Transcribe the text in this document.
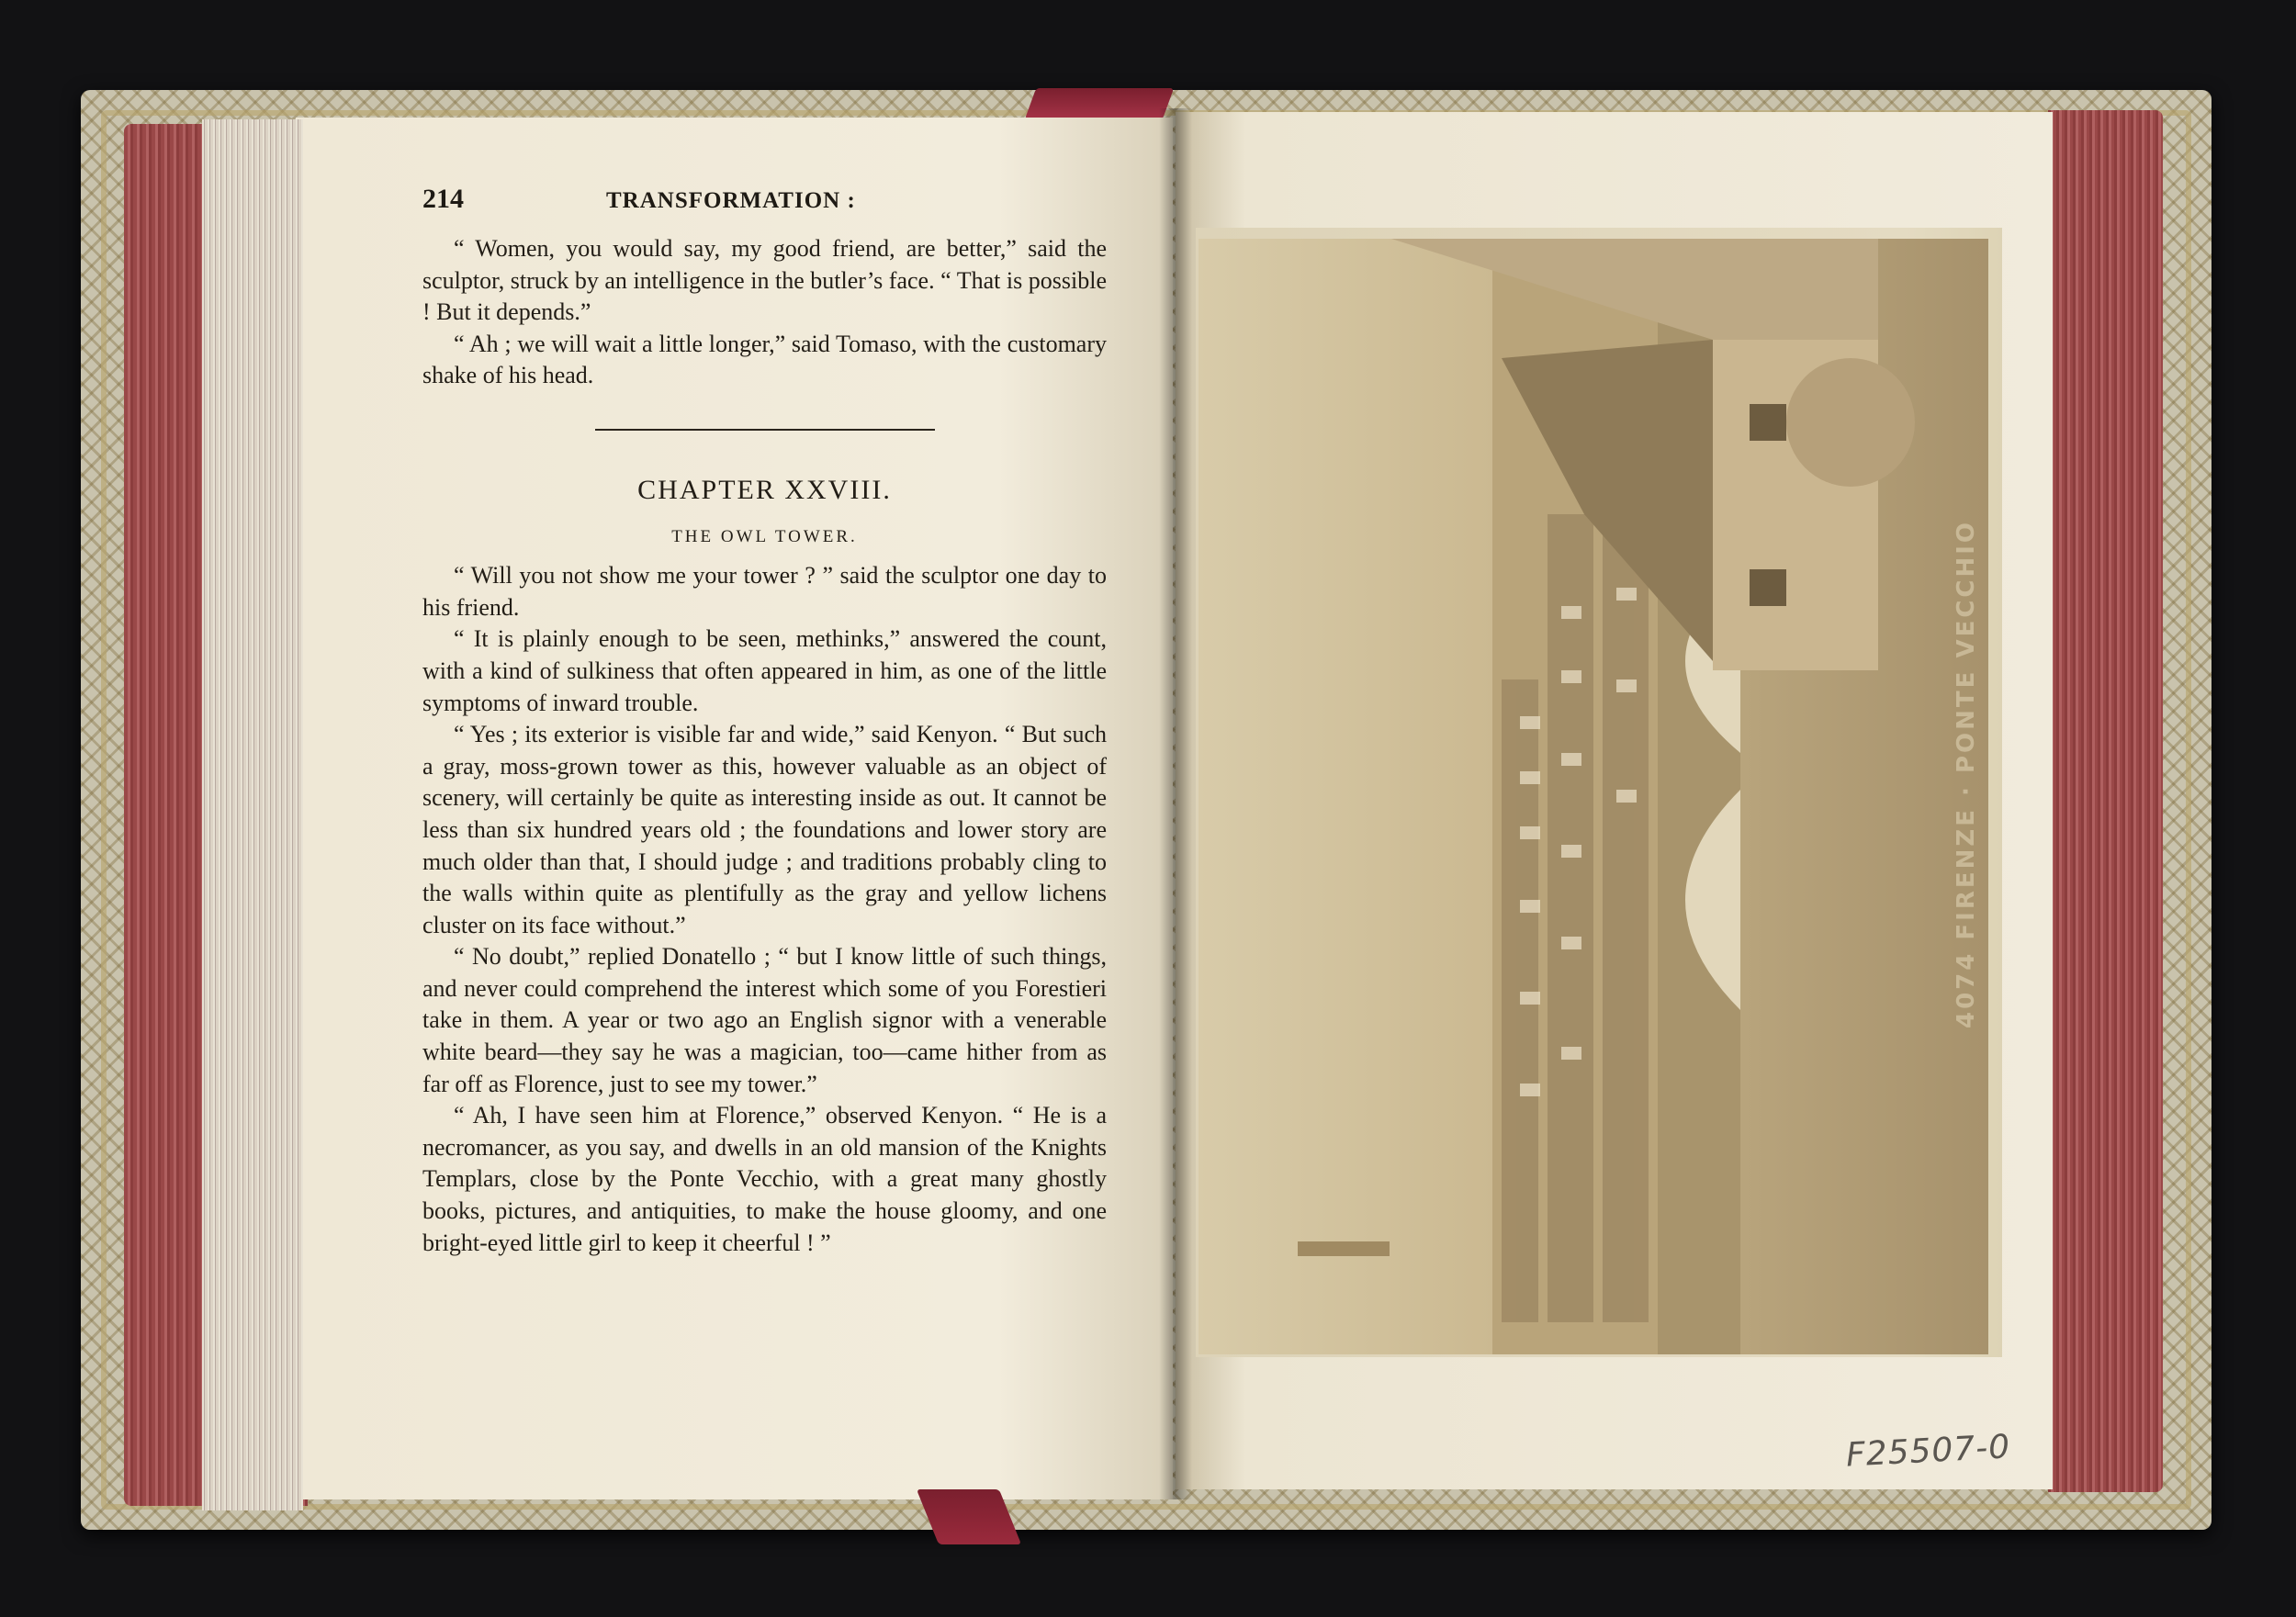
214	TRANSFORMATION :

“ Women, you would say, my good friend, are better,” said the sculptor, struck by an intelligence in the butler’s face. “ That is possible ! But it depends.”

“ Ah ; we will wait a little longer,” said Tomaso, with the customary shake of his head.

CHAPTER XXVIII.
THE OWL TOWER.

“ Will you not show me your tower ? ” said the sculptor one day to his friend.

“ It is plainly enough to be seen, methinks,” answered the count, with a kind of sulkiness that often appeared in him, as one of the little symptoms of inward trouble.

“ Yes ; its exterior is visible far and wide,” said Kenyon. “ But such a gray, moss-grown tower as this, however valuable as an object of scenery, will certainly be quite as interesting inside as out. It cannot be less than six hundred years old ; the foundations and lower story are much older than that, I should judge ; and traditions probably cling to the walls within quite as plentifully as the gray and yellow lichens cluster on its face without.”

“ No doubt,” replied Donatello ; “ but I know little of such things, and never could comprehend the interest which some of you Forestieri take in them. A year or two ago an English signor with a venerable white beard—they say he was a magician, too—came hither from as far off as Florence, just to see my tower.”

“ Ah, I have seen him at Florence,” observed Kenyon. “ He is a necromancer, as you say, and dwells in an old mansion of the Knights Templars, close by the Ponte Vecchio, with a great many ghostly books, pictures, and antiquities, to make the house gloomy, and one bright-eyed little girl to keep it cheerful ! ”

4074 FIRENZE · PONTE VECCHIO
F25507-0
